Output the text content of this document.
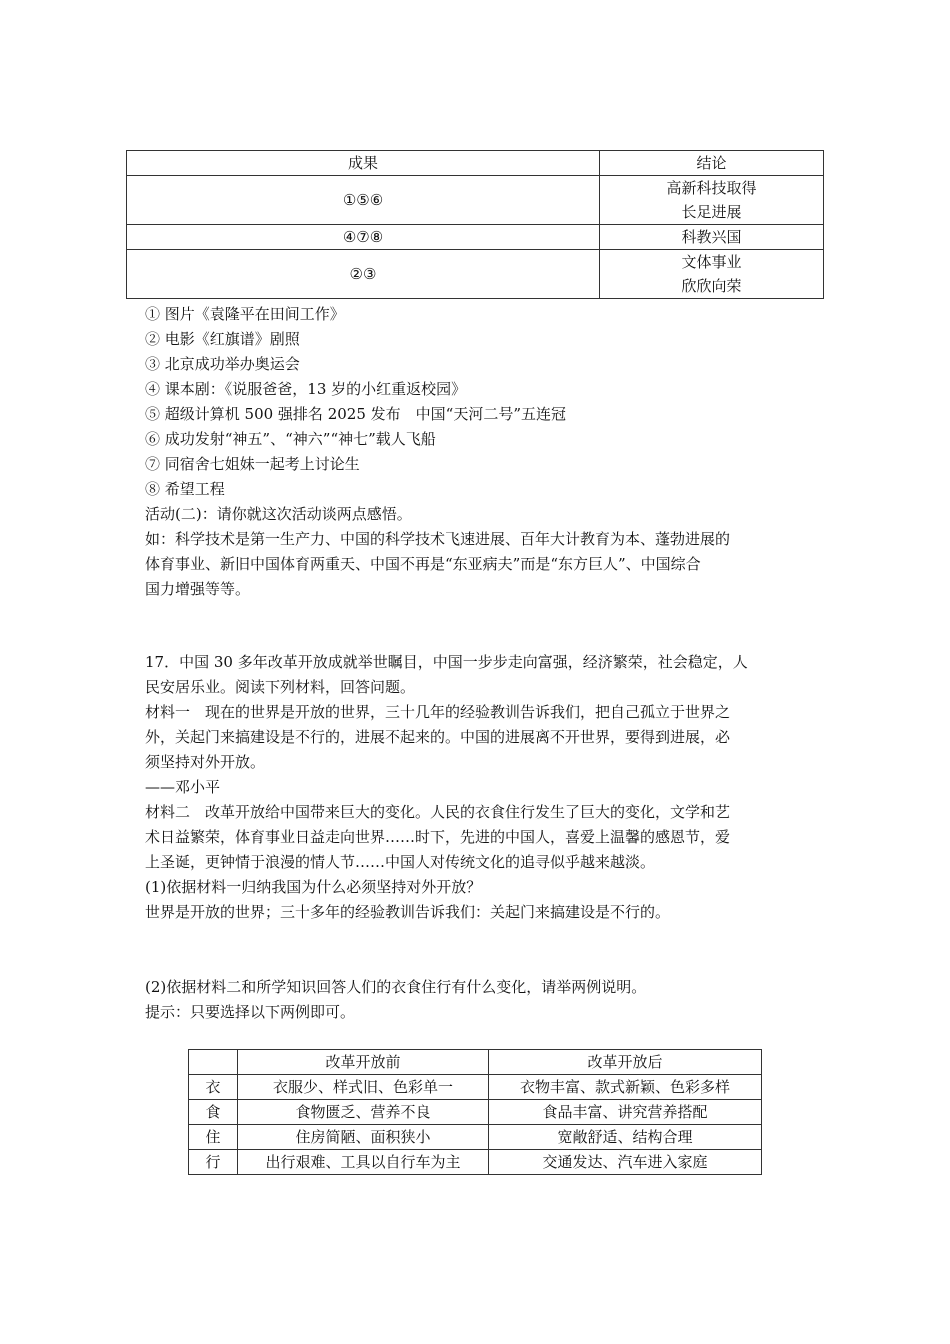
成果	结论
①⑤⑥	高新科技取得
长足进展

④⑦⑧	科教兴国
②③	文体事业
欣欣向荣
① 图片《袁隆平在田间工作》
② 电影《红旗谱》剧照
③ 北京成功举办奥运会
④ 课本剧：《说服爸爸，13 岁的小红重返校园》
⑤ 超级计算机 500 强排名 2025 发布　中国“天河二号”五连冠
⑥ 成功发射“神五”、“神六”“神七”载人飞船
⑦ 同宿舍七姐妹一起考上讨论生
⑧ 希望工程
活动(二)：请你就这次活动谈两点感悟。
如：科学技术是第一生产力、中国的科学技术飞速进展、百年大计教育为本、蓬勃进展的
体育事业、新旧中国体育两重天、中国不再是“东亚病夫”而是“东方巨人”、中国综合
国力增强等等。
17．中国 30 多年改革开放成就举世瞩目，中国一步步走向富强，经济繁荣，社会稳定，人
民安居乐业。阅读下列材料，回答问题。
材料一　现在的世界是开放的世界，三十几年的经验教训告诉我们，把自己孤立于世界之
外，关起门来搞建设是不行的，进展不起来的。中国的进展离不开世界，要得到进展，必
须坚持对外开放。
——邓小平
材料二　改革开放给中国带来巨大的变化。人民的衣食住行发生了巨大的变化，文学和艺
术日益繁荣，体育事业日益走向世界……时下，先进的中国人，喜爱上温馨的感恩节，爱
上圣诞，更钟情于浪漫的情人节……中国人对传统文化的追寻似乎越来越淡。
(1)依据材料一归纳我国为什么必须坚持对外开放？
世界是开放的世界；三十多年的经验教训告诉我们：关起门来搞建设是不行的。
(2)依据材料二和所学知识回答人们的衣食住行有什么变化，请举两例说明。
提示：只要选择以下两例即可。
	改革开放前	改革开放后
衣	衣服少、样式旧、色彩单一	衣物丰富、款式新颖、色彩多样
食	食物匮乏、营养不良	食品丰富、讲究营养搭配
住	住房简陋、面积狭小	宽敞舒适、结构合理
行	出行艰难、工具以自行车为主	交通发达、汽车进入家庭
